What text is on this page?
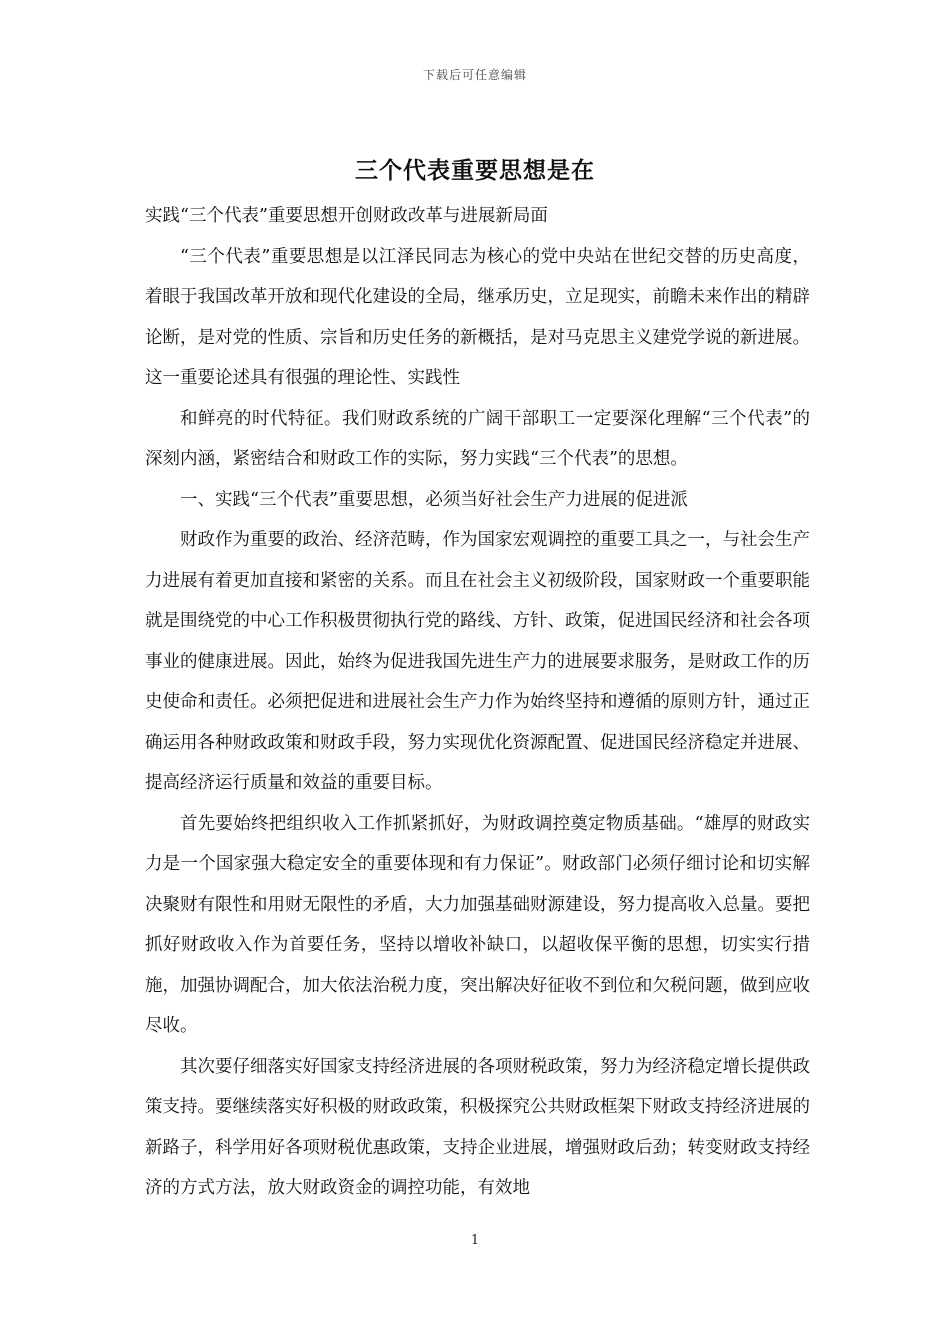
下载后可任意编辑
三个代表重要思想是在

实践“三个代表”重要思想开创财政改革与进展新局面

“三个代表”重要思想是以江泽民同志为核心的党中央站在世纪交替的历史高度，着眼于我国改革开放和现代化建设的全局，继承历史，立足现实，前瞻未来作出的精辟论断，是对党的性质、宗旨和历史任务的新概括，是对马克思主义建党学说的新进展。这一重要论述具有很强的理论性、实践性

和鲜亮的时代特征。我们财政系统的广阔干部职工一定要深化理解“三个代表”的深刻内涵，紧密结合和财政工作的实际，努力实践“三个代表”的思想。

一、实践“三个代表”重要思想，必须当好社会生产力进展的促进派

财政作为重要的政治、经济范畴，作为国家宏观调控的重要工具之一，与社会生产力进展有着更加直接和紧密的关系。而且在社会主义初级阶段，国家财政一个重要职能就是围绕党的中心工作积极贯彻执行党的路线、方针、政策，促进国民经济和社会各项事业的健康进展。因此，始终为促进我国先进生产力的进展要求服务，是财政工作的历史使命和责任。必须把促进和进展社会生产力作为始终坚持和遵循的原则方针，通过正确运用各种财政政策和财政手段，努力实现优化资源配置、促进国民经济稳定并进展、提高经济运行质量和效益的重要目标。

首先要始终把组织收入工作抓紧抓好，为财政调控奠定物质基础。“雄厚的财政实力是一个国家强大稳定安全的重要体现和有力保证”。财政部门必须仔细讨论和切实解决聚财有限性和用财无限性的矛盾，大力加强基础财源建设，努力提高收入总量。要把抓好财政收入作为首要任务，坚持以增收补缺口，以超收保平衡的思想，切实实行措施，加强协调配合，加大依法治税力度，突出解决好征收不到位和欠税问题，做到应收尽收。

其次要仔细落实好国家支持经济进展的各项财税政策，努力为经济稳定增长提供政策支持。要继续落实好积极的财政政策，积极探究公共财政框架下财政支持经济进展的新路子，科学用好各项财税优惠政策，支持企业进展，增强财政后劲；转变财政支持经济的方式方法，放大财政资金的调控功能，有效地

1
